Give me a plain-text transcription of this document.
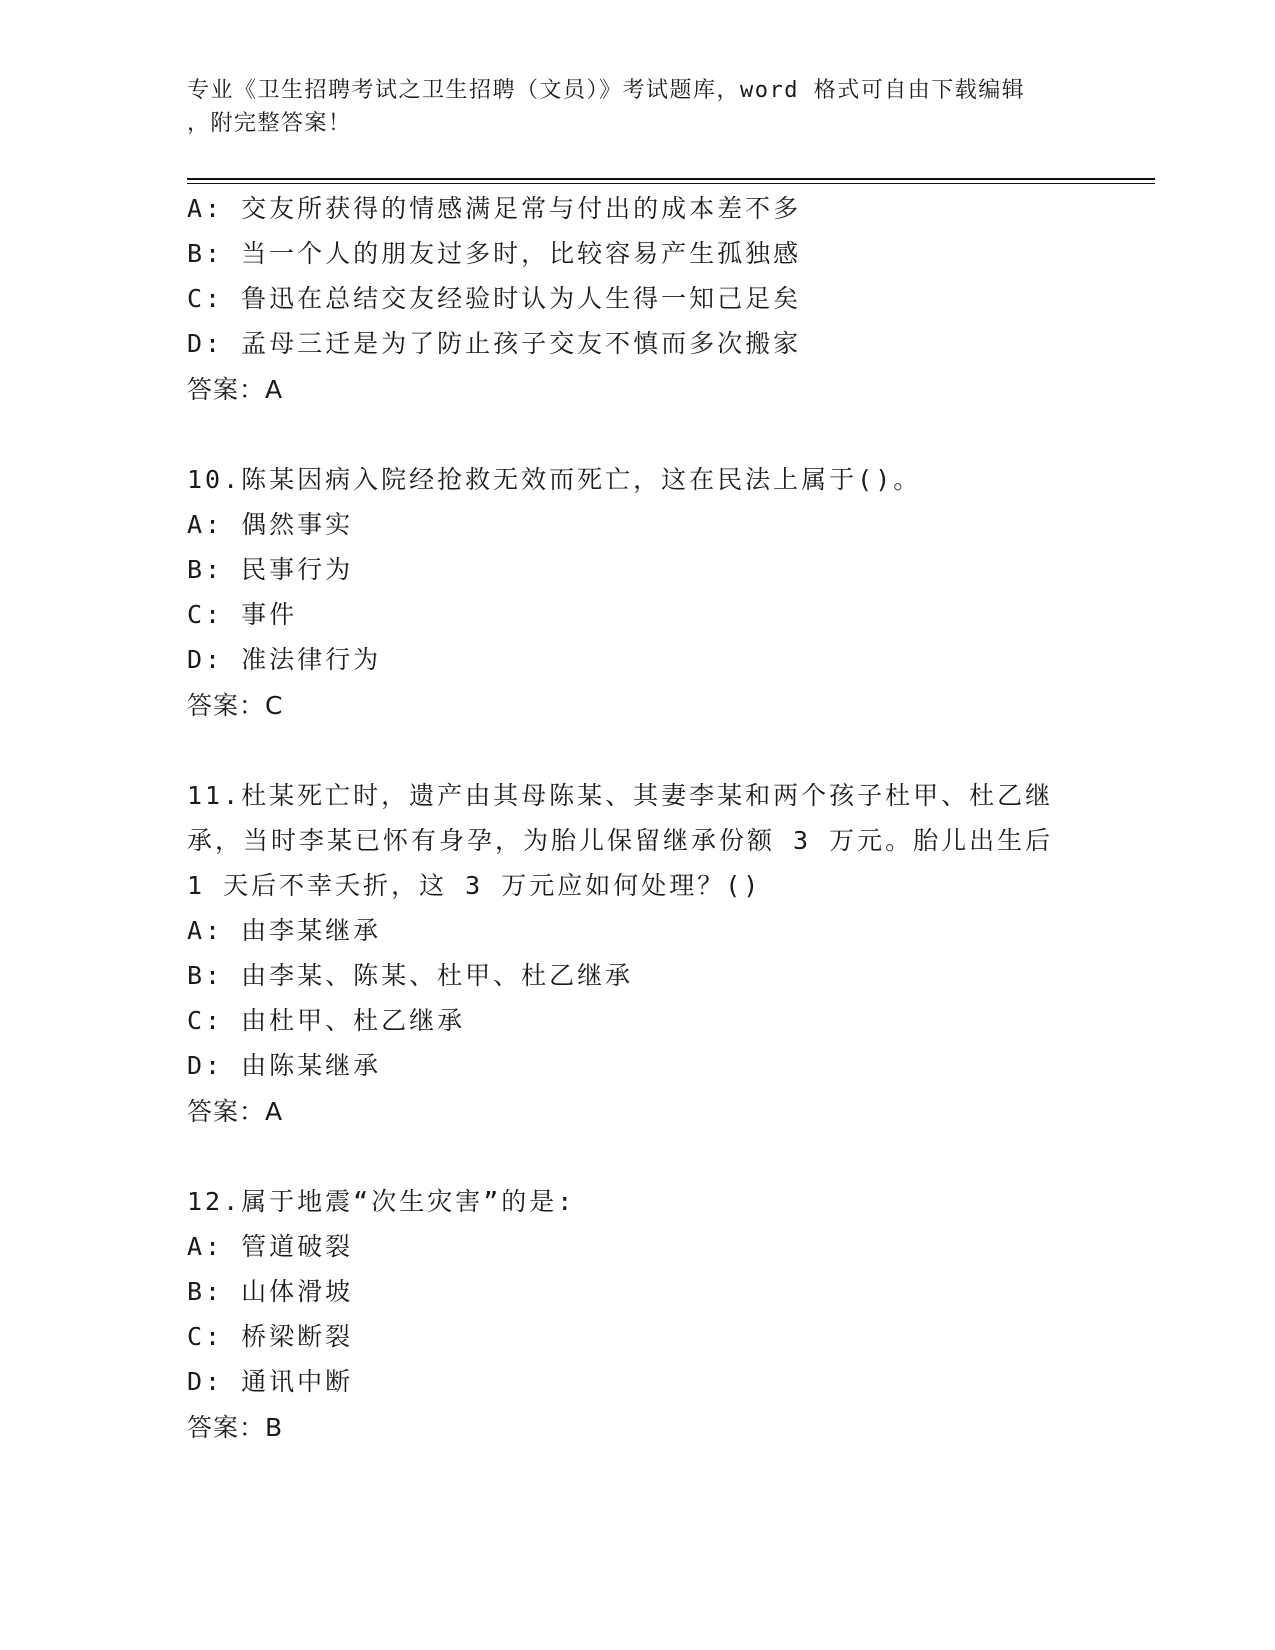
专业《卫生招聘考试之卫生招聘（文员）》考试题库，word 格式可自由下载编辑
，附完整答案！
A: 交友所获得的情感满足常与付出的成本差不多
B: 当一个人的朋友过多时，比较容易产生孤独感
C: 鲁迅在总结交友经验时认为人生得一知己足矣
D: 孟母三迁是为了防止孩子交友不慎而多次搬家
答案：A
10.陈某因病入院经抢救无效而死亡，这在民法上属于()。
A: 偶然事实
B: 民事行为
C: 事件
D: 准法律行为
答案：C
11.杜某死亡时，遗产由其母陈某、其妻李某和两个孩子杜甲、杜乙继
承，当时李某已怀有身孕，为胎儿保留继承份额 3 万元。胎儿出生后
1 天后不幸夭折，这 3 万元应如何处理？()
A: 由李某继承
B: 由李某、陈某、杜甲、杜乙继承
C: 由杜甲、杜乙继承
D: 由陈某继承
答案：A
12.属于地震“次生灾害”的是:
A: 管道破裂
B: 山体滑坡
C: 桥梁断裂
D: 通讯中断
答案：B
